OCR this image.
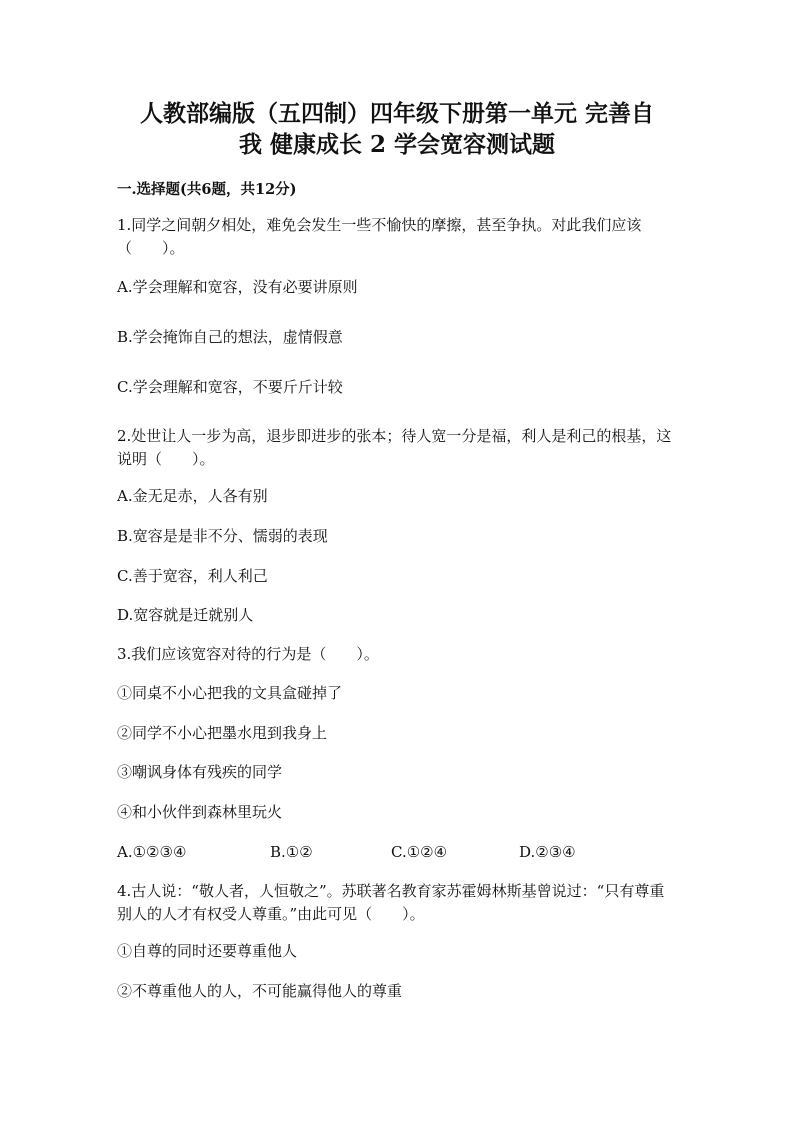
人教部编版（五四制）四年级下册第一单元 完善自
我 健康成长 2 学会宽容测试题

一.选择题(共6题，共12分)

1.同学之间朝夕相处，难免会发生一些不愉快的摩擦，甚至争执。对此我们应该（　　）。

A.学会理解和宽容，没有必要讲原则

B.学会掩饰自己的想法，虚情假意

C.学会理解和宽容，不要斤斤计较

2.处世让人一步为高，退步即进步的张本；待人宽一分是福，利人是利己的根基，这说明（　　）。

A.金无足赤，人各有别

B.宽容是是非不分、懦弱的表现

C.善于宽容，利人利己

D.宽容就是迁就别人

3.我们应该宽容对待的行为是（　　）。

①同桌不小心把我的文具盒碰掉了

②同学不小心把墨水甩到我身上

③嘲讽身体有残疾的同学

④和小伙伴到森林里玩火

A.①②③④	B.①②	C.①②④	D.②③④

4.古人说：“敬人者，人恒敬之”。苏联著名教育家苏霍姆林斯基曾说过：“只有尊重别人的人才有权受人尊重。”由此可见（　　）。

①自尊的同时还要尊重他人

②不尊重他人的人，不可能赢得他人的尊重
